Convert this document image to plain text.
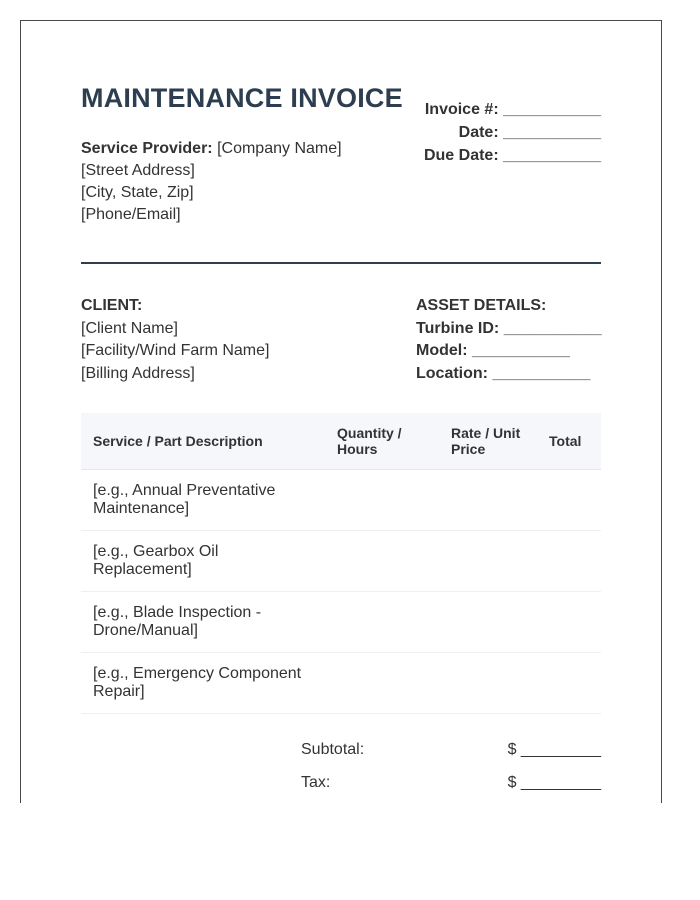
MAINTENANCE INVOICE
Service Provider: [Company Name]
[Street Address]
[City, State, Zip]
[Phone/Email]
Invoice #: ___________
Date: ___________
Due Date: ___________
CLIENT:
[Client Name]
[Facility/Wind Farm Name]
[Billing Address]
ASSET DETAILS:
Turbine ID: ___________
Model: ___________
Location: ___________
Service / Part Description	Quantity / Hours	Rate / Unit Price	Total
[e.g., Annual Preventative Maintenance]			
[e.g., Gearbox Oil Replacement]			
[e.g., Blade Inspection - Drone/Manual]			
[e.g., Emergency Component Repair]			
Subtotal:	$ _________
Tax:	$ _________
